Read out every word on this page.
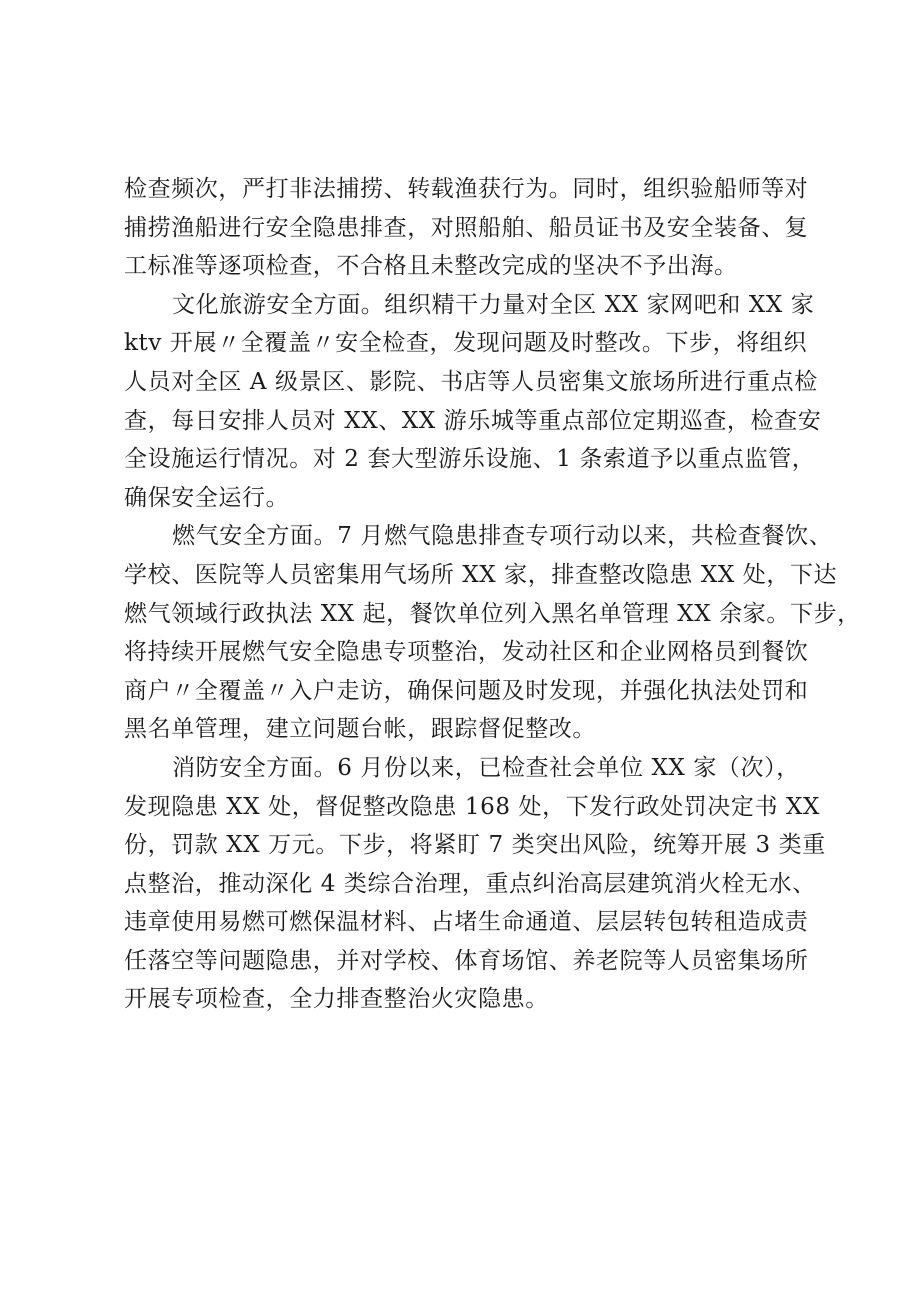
检查频次，严打非法捕捞、转载渔获行为。同时，组织验船师等对
捕捞渔船进行安全隐患排查，对照船舶、船员证书及安全装备、复
工标准等逐项检查，不合格且未整改完成的坚决不予出海。
文化旅游安全方面。组织精干力量对全区 XX 家网吧和 XX 家
ktv 开展〃全覆盖〃安全检查，发现问题及时整改。下步，将组织
人员对全区 A 级景区、影院、书店等人员密集文旅场所进行重点检
查，每日安排人员对 XX、XX 游乐城等重点部位定期巡查，检查安
全设施运行情况。对 2 套大型游乐设施、1 条索道予以重点监管，
确保安全运行。
燃气安全方面。7 月燃气隐患排查专项行动以来，共检查餐饮、
学校、医院等人员密集用气场所 XX 家，排查整改隐患 XX 处，下达
燃气领域行政执法 XX 起，餐饮单位列入黑名单管理 XX 余家。下步，
将持续开展燃气安全隐患专项整治，发动社区和企业网格员到餐饮
商户〃全覆盖〃入户走访，确保问题及时发现，并强化执法处罚和
黑名单管理，建立问题台帐，跟踪督促整改。
消防安全方面。6 月份以来，已检查社会单位 XX 家（次），
发现隐患 XX 处，督促整改隐患 168 处，下发行政处罚决定书 XX
份，罚款 XX 万元。下步，将紧盯 7 类突出风险，统筹开展 3 类重
点整治，推动深化 4 类综合治理，重点纠治高层建筑消火栓无水、
违章使用易燃可燃保温材料、占堵生命通道、层层转包转租造成责
任落空等问题隐患，并对学校、体育场馆、养老院等人员密集场所
开展专项检查，全力排查整治火灾隐患。
